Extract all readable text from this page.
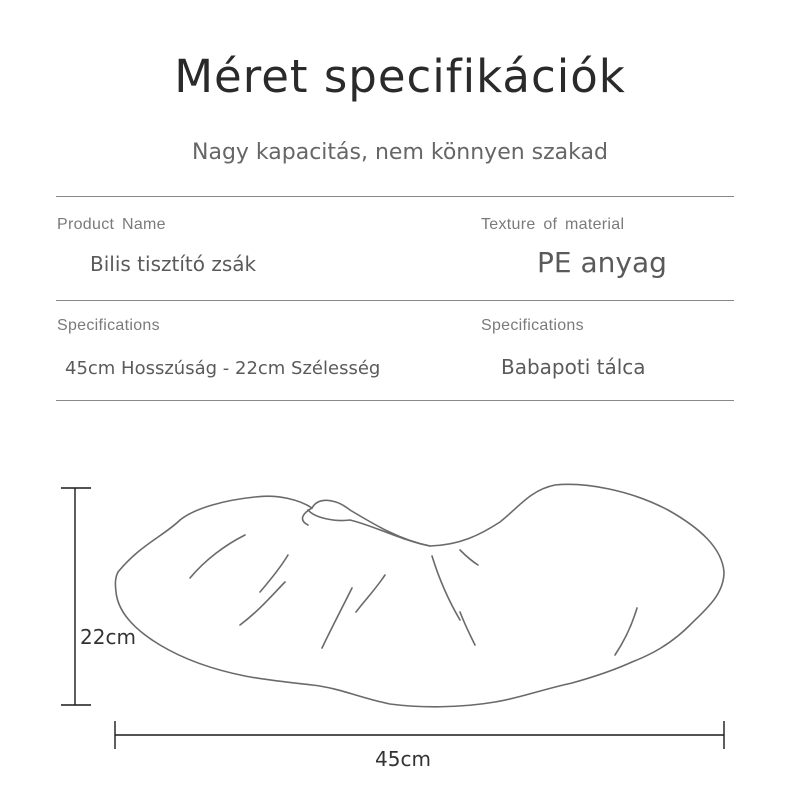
Méret specifikációk
Nagy kapacitás, nem könnyen szakad
Product Name
Bilis tisztító zsák
Texture of material
PE anyag
Specifications
45cm Hosszúság - 22cm Szélesség
Specifications
Babapoti tálca
22cm
45cm
